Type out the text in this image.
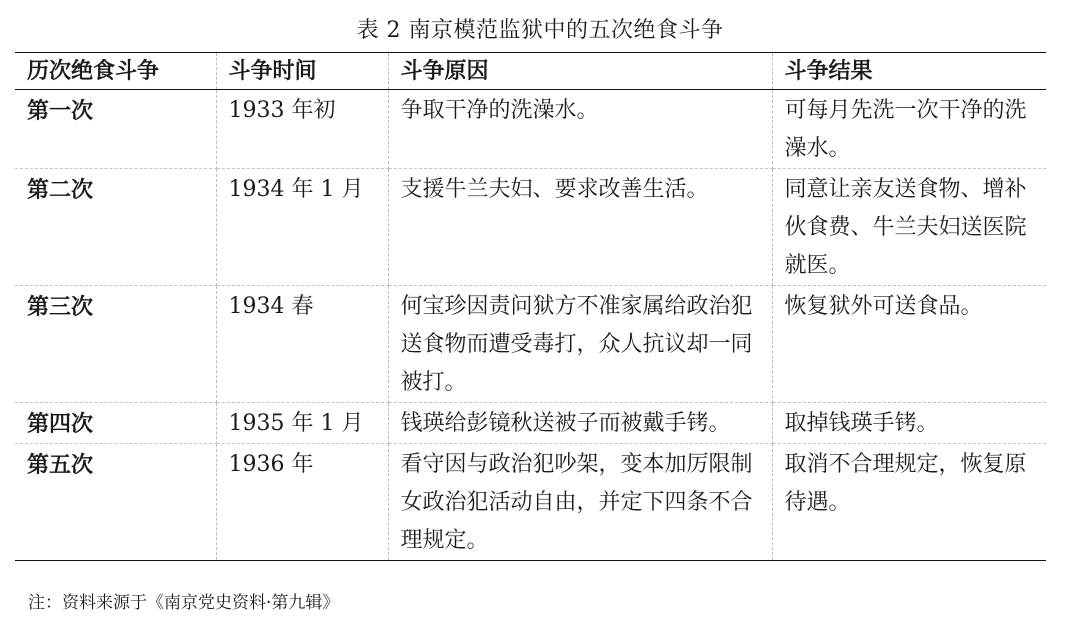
表 2 南京模范监狱中的五次绝食斗争
历次绝食斗争	斗争时间	斗争原因	斗争结果
第一次	1933 年初	争取干净的洗澡水。	可每月先洗一次干净的洗澡水。
第二次	1934 年 1 月	支援牛兰夫妇、要求改善生活。	同意让亲友送食物、增补伙食费、牛兰夫妇送医院就医。
第三次	1934 春	何宝珍因责问狱方不准家属给政治犯送食物而遭受毒打，众人抗议却一同被打。	恢复狱外可送食品。
第四次	1935 年 1 月	钱瑛给彭镜秋送被子而被戴手铐。	取掉钱瑛手铐。
第五次	1936 年	看守因与政治犯吵架，变本加厉限制女政治犯活动自由，并定下四条不合理规定。	取消不合理规定，恢复原待遇。
注：资料来源于《南京党史资料·第九辑》
